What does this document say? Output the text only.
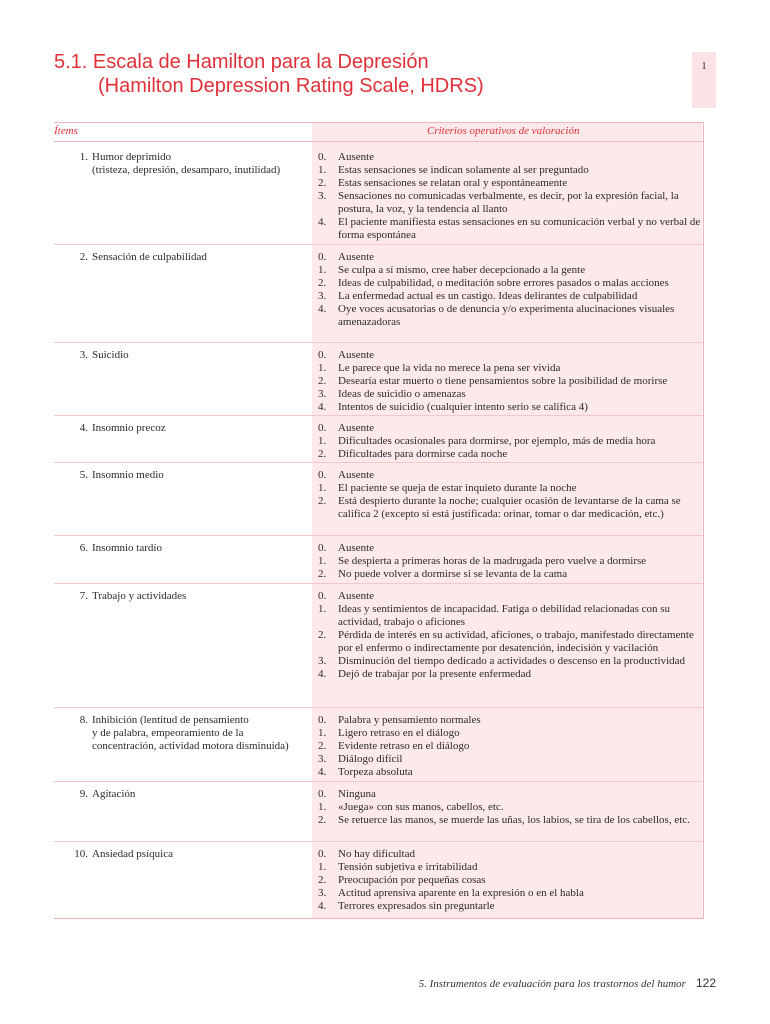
5.1. Escala de Hamilton para la Depresión
(Hamilton Depression Rating Scale, HDRS)
1
Ítems	Criterios operativos de valoración
1. Humor deprimido
(tristeza, depresión, desamparo, inutilidad)
0.	Ausente
1.	Estas sensaciones se indican solamente al ser preguntado
2.	Estas sensaciones se relatan oral y espontáneamente
3.	Sensaciones no comunicadas verbalmente, es decir, por la expresión facial, la postura, la voz, y la tendencia al llanto
4.	El paciente manifiesta estas sensaciones en su comunicación verbal y no verbal de forma espontánea
2. Sensación de culpabilidad	0.	Ausente
1.	Se culpa a sí mismo, cree haber decepcionado a la gente
2.	Ideas de culpabilidad, o meditación sobre errores pasados o malas acciones
3.	La enfermedad actual es un castigo. Ideas delirantes de culpabilidad
4.	Oye voces acusatorias o de denuncia y/o experimenta alucinaciones visuales amenazadoras
3. Suicidio	0.	Ausente
1.	Le parece que la vida no merece la pena ser vivida
2.	Desearía estar muerto o tiene pensamientos sobre la posibilidad de morirse
3.	Ideas de suicidio o amenazas
4.	Intentos de suicidio (cualquier intento serio se califica 4)
4. Insomnio precoz	0.	Ausente
1.	Dificultades ocasionales para dormirse, por ejemplo, más de media hora
2.	Dificultades para dormirse cada noche
5. Insomnio medio	0.	Ausente
1.	El paciente se queja de estar inquieto durante la noche
2.	Está despierto durante la noche; cualquier ocasión de levantarse de la cama se califica 2 (excepto si está justificada: orinar, tomar o dar medicación, etc.)
6. Insomnio tardío	0.	Ausente
1.	Se despierta a primeras horas de la madrugada pero vuelve a dormirse
2.	No puede volver a dormirse si se levanta de la cama
7. Trabajo y actividades	0.	Ausente
1.	Ideas y sentimientos de incapacidad. Fatiga o debilidad relacionadas con su actividad, trabajo o aficiones
2.	Pérdida de interés en su actividad, aficiones, o trabajo, manifestado directamente por el enfermo o indirectamente por desatención, indecisión y vacilación
3.	Disminución del tiempo dedicado a actividades o descenso en la productividad
4.	Dejó de trabajar por la presente enfermedad
8. Inhibición (lentitud de pensamiento
y de palabra, empeoramiento de la concentración, actividad motora disminuida)
0.	Palabra y pensamiento normales
1.	Ligero retraso en el diálogo
2.	Evidente retraso en el diálogo
3.	Diálogo difícil
4.	Torpeza absoluta
9. Agitación	0.	Ninguna
1.	«Juega» con sus manos, cabellos, etc.
2.	Se retuerce las manos, se muerde las uñas, los labios, se tira de los cabellos, etc.
10. Ansiedad psíquica	0.	No hay dificultad
1.	Tensión subjetiva e irritabilidad
2.	Preocupación por pequeñas cosas
3.	Actitud aprensiva aparente en la expresión o en el habla
4.	Terrores expresados sin preguntarle
5. Instrumentos de evaluación para los trastornos del humor 122
